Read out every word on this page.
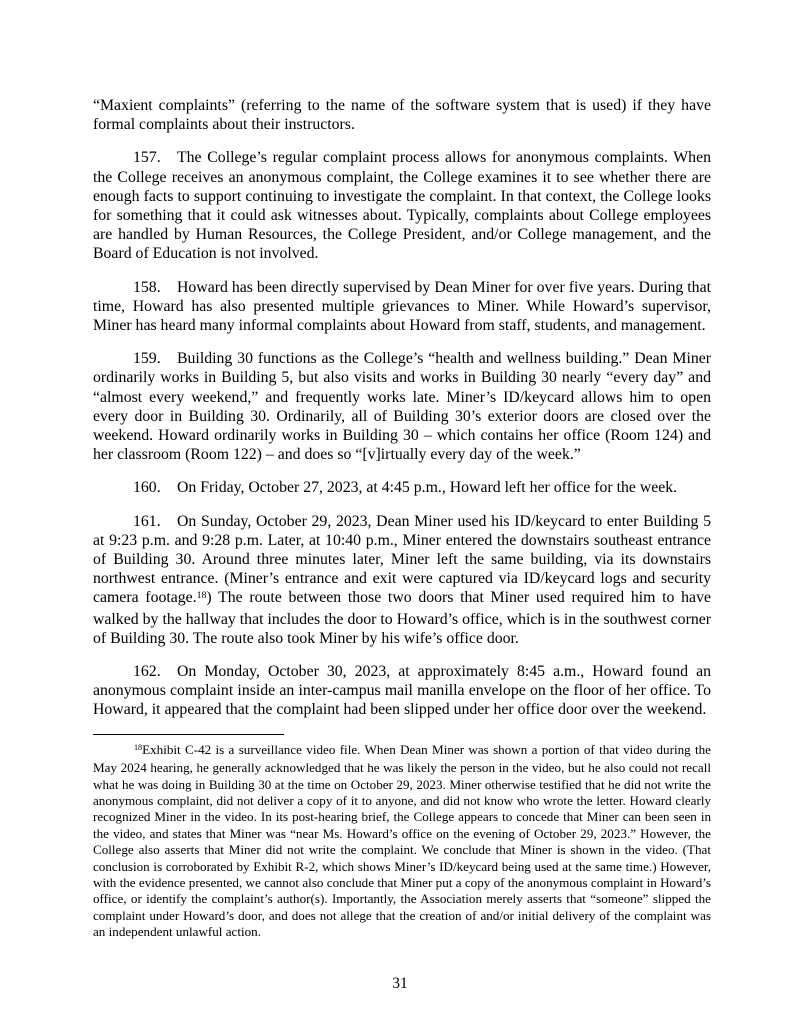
“Maxient complaints” (referring to the name of the software system that is used) if they have formal complaints about their instructors.

157. The College’s regular complaint process allows for anonymous complaints. When the College receives an anonymous complaint, the College examines it to see whether there are enough facts to support continuing to investigate the complaint. In that context, the College looks for something that it could ask witnesses about. Typically, complaints about College employees are handled by Human Resources, the College President, and/or College management, and the Board of Education is not involved.

158. Howard has been directly supervised by Dean Miner for over five years. During that time, Howard has also presented multiple grievances to Miner. While Howard’s supervisor, Miner has heard many informal complaints about Howard from staff, students, and management.

159. Building 30 functions as the College’s “health and wellness building.” Dean Miner ordinarily works in Building 5, but also visits and works in Building 30 nearly “every day” and “almost every weekend,” and frequently works late. Miner’s ID/keycard allows him to open every door in Building 30. Ordinarily, all of Building 30’s exterior doors are closed over the weekend. Howard ordinarily works in Building 30 – which contains her office (Room 124) and her classroom (Room 122) – and does so “[v]irtually every day of the week.”

160. On Friday, October 27, 2023, at 4:45 p.m., Howard left her office for the week.

161. On Sunday, October 29, 2023, Dean Miner used his ID/keycard to enter Building 5 at 9:23 p.m. and 9:28 p.m. Later, at 10:40 p.m., Miner entered the downstairs southeast entrance of Building 30. Around three minutes later, Miner left the same building, via its downstairs northwest entrance. (Miner’s entrance and exit were captured via ID/keycard logs and security camera footage.$^{18}$) The route between those two doors that Miner used required him to have walked by the hallway that includes the door to Howard’s office, which is in the southwest corner of Building 30. The route also took Miner by his wife’s office door.

162. On Monday, October 30, 2023, at approximately 8:45 a.m., Howard found an anonymous complaint inside an inter-campus mail manilla envelope on the floor of her office. To Howard, it appeared that the complaint had been slipped under her office door over the weekend.

$^{18}$Exhibit C-42 is a surveillance video file. When Dean Miner was shown a portion of that video during the May 2024 hearing, he generally acknowledged that he was likely the person in the video, but he also could not recall what he was doing in Building 30 at the time on October 29, 2023. Miner otherwise testified that he did not write the anonymous complaint, did not deliver a copy of it to anyone, and did not know who wrote the letter. Howard clearly recognized Miner in the video. In its post-hearing brief, the College appears to concede that Miner can been seen in the video, and states that Miner was “near Ms. Howard’s office on the evening of October 29, 2023.” However, the College also asserts that Miner did not write the complaint. We conclude that Miner is shown in the video. (That conclusion is corroborated by Exhibit R-2, which shows Miner’s ID/keycard being used at the same time.) However, with the evidence presented, we cannot also conclude that Miner put a copy of the anonymous complaint in Howard’s office, or identify the complaint’s author(s). Importantly, the Association merely asserts that “someone” slipped the complaint under Howard’s door, and does not allege that the creation of and/or initial delivery of the complaint was an independent unlawful action.

31
